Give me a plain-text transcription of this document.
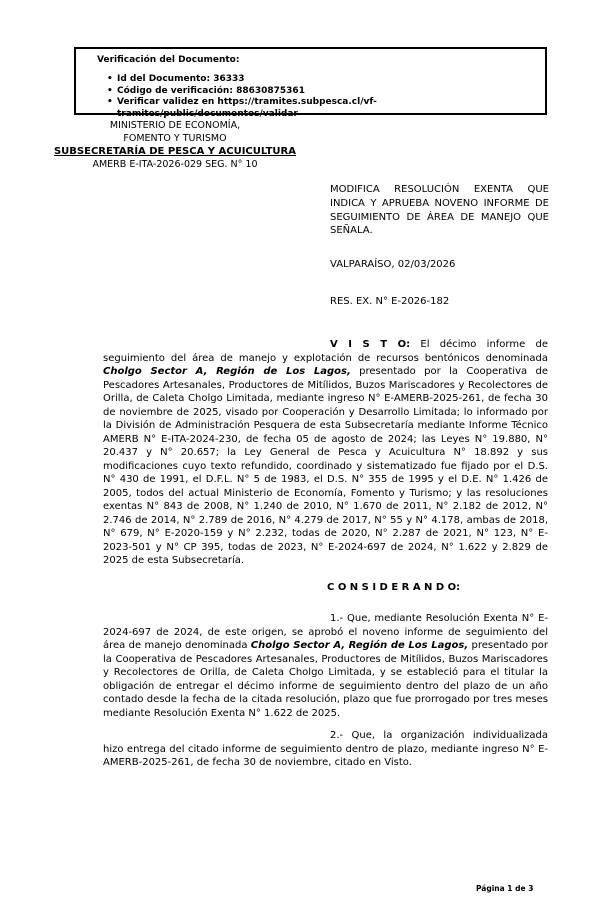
Verificación del Documento:
• Id del Documento: 36333
• Código de verificación: 88630875361
• Verificar validez en https://tramites.subpesca.cl/vf-tramites/public/documentos/validar
MINISTERIO DE ECONOMÍA,
FOMENTO Y TURISMO
SUBSECRETARÍA DE PESCA Y ACUICULTURA
AMERB E-ITA-2026-029 SEG. N° 10
MODIFICA RESOLUCIÓN EXENTA QUE INDICA Y APRUEBA NOVENO INFORME DE SEGUIMIENTO DE ÁREA DE MANEJO QUE SEÑALA.
VALPARAÍSO, 02/03/2026
RES. EX. N° E-2026-182

V I S T O: El décimo informe de seguimiento del área de manejo y explotación de recursos bentónicos denominada Cholgo Sector A, Región de Los Lagos, presentado por la Cooperativa de Pescadores Artesanales, Productores de Mitílidos, Buzos Mariscadores y Recolectores de Orilla, de Caleta Cholgo Limitada, mediante ingreso N° E-AMERB-2025-261, de fecha 30 de noviembre de 2025, visado por Cooperación y Desarrollo Limitada; lo informado por la División de Administración Pesquera de esta Subsecretaría mediante Informe Técnico AMERB N° E-ITA-2024-230, de fecha 05 de agosto de 2024; las Leyes N° 19.880, N° 20.437 y N° 20.657; la Ley General de Pesca y Acuicultura N° 18.892 y sus modificaciones cuyo texto refundido, coordinado y sistematizado fue fijado por el D.S. N° 430 de 1991, el D.F.L. N° 5 de 1983, el D.S. N° 355 de 1995 y el D.E. N° 1.426 de 2005, todos del actual Ministerio de Economía, Fomento y Turismo; y las resoluciones exentas N° 843 de 2008, N° 1.240 de 2010, N° 1.670 de 2011, N° 2.182 de 2012, N° 2.746 de 2014, N° 2.789 de 2016, N° 4.279 de 2017, N° 55 y N° 4.178, ambas de 2018, N° 679, N° E-2020-159 y N° 2.232, todas de 2020, N° 2.287 de 2021, N° 123, N° E-2023-501 y N° CP 395, todas de 2023, N° E-2024-697 de 2024, N° 1.622 y 2.829 de 2025 de esta Subsecretaría.

C O N S I D E R A N D O:

1.- Que, mediante Resolución Exenta N° E-2024-697 de 2024, de este origen, se aprobó el noveno informe de seguimiento del área de manejo denominada Cholgo Sector A, Región de Los Lagos, presentado por la Cooperativa de Pescadores Artesanales, Productores de Mitílidos, Buzos Mariscadores y Recolectores de Orilla, de Caleta Cholgo Limitada, y se estableció para el titular la obligación de entregar el décimo informe de seguimiento dentro del plazo de un año contado desde la fecha de la citada resolución, plazo que fue prorrogado por tres meses mediante Resolución Exenta N° 1.622 de 2025.

2.- Que, la organización individualizada hizo entrega del citado informe de seguimiento dentro de plazo, mediante ingreso N° E-AMERB-2025-261, de fecha 30 de noviembre, citado en Visto.

Página 1 de 3
